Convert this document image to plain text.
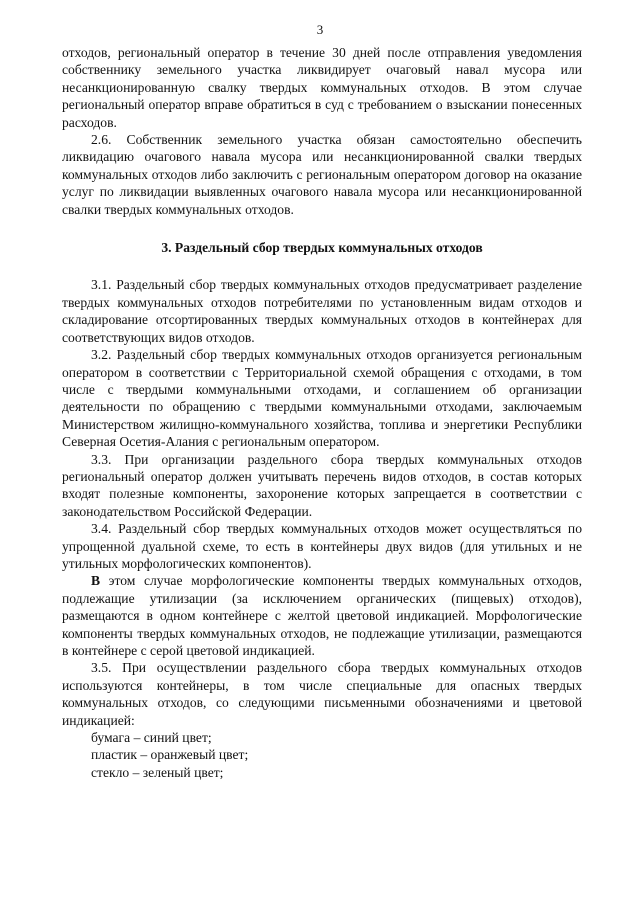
3

отходов, региональный оператор в течение 30 дней после отправления уведомления собственнику земельного участка ликвидирует очаговый навал мусора или несанкционированную свалку твердых коммунальных отходов. В этом случае региональный оператор вправе обратиться в суд с требованием о взыскании понесенных расходов.

2.6. Собственник земельного участка обязан самостоятельно обеспечить ликвидацию очагового навала мусора или несанкционированной свалки твердых коммунальных отходов либо заключить с региональным оператором договор на оказание услуг по ликвидации выявленных очагового навала мусора или несанкционированной свалки твердых коммунальных отходов.

3. Раздельный сбор твердых коммунальных отходов

3.1. Раздельный сбор твердых коммунальных отходов предусматривает разделение твердых коммунальных отходов потребителями по установленным видам отходов и складирование отсортированных твердых коммунальных отходов в контейнерах для соответствующих видов отходов.

3.2. Раздельный сбор твердых коммунальных отходов организуется региональным оператором в соответствии с Территориальной схемой обращения с отходами, в том числе с твердыми коммунальными отходами, и соглашением об организации деятельности по обращению с твердыми коммунальными отходами, заключаемым Министерством жилищно-коммунального хозяйства, топлива и энергетики Республики Северная Осетия-Алания с региональным оператором.

3.3. При организации раздельного сбора твердых коммунальных отходов региональный оператор должен учитывать перечень видов отходов, в состав которых входят полезные компоненты, захоронение которых запрещается в соответствии с законодательством Российской Федерации.

3.4. Раздельный сбор твердых коммунальных отходов может осуществляться по упрощенной дуальной схеме, то есть в контейнеры двух видов (для утильных и не утильных морфологических компонентов).

В этом случае морфологические компоненты твердых коммунальных отходов, подлежащие утилизации (за исключением органических (пищевых) отходов), размещаются в одном контейнере с желтой цветовой индикацией. Морфологические компоненты твердых коммунальных отходов, не подлежащие утилизации, размещаются в контейнере с серой цветовой индикацией.

3.5. При осуществлении раздельного сбора твердых коммунальных отходов используются контейнеры, в том числе специальные для опасных твердых коммунальных отходов, со следующими письменными обозначениями и цветовой индикацией:

бумага – синий цвет;

пластик – оранжевый цвет;

стекло – зеленый цвет;
